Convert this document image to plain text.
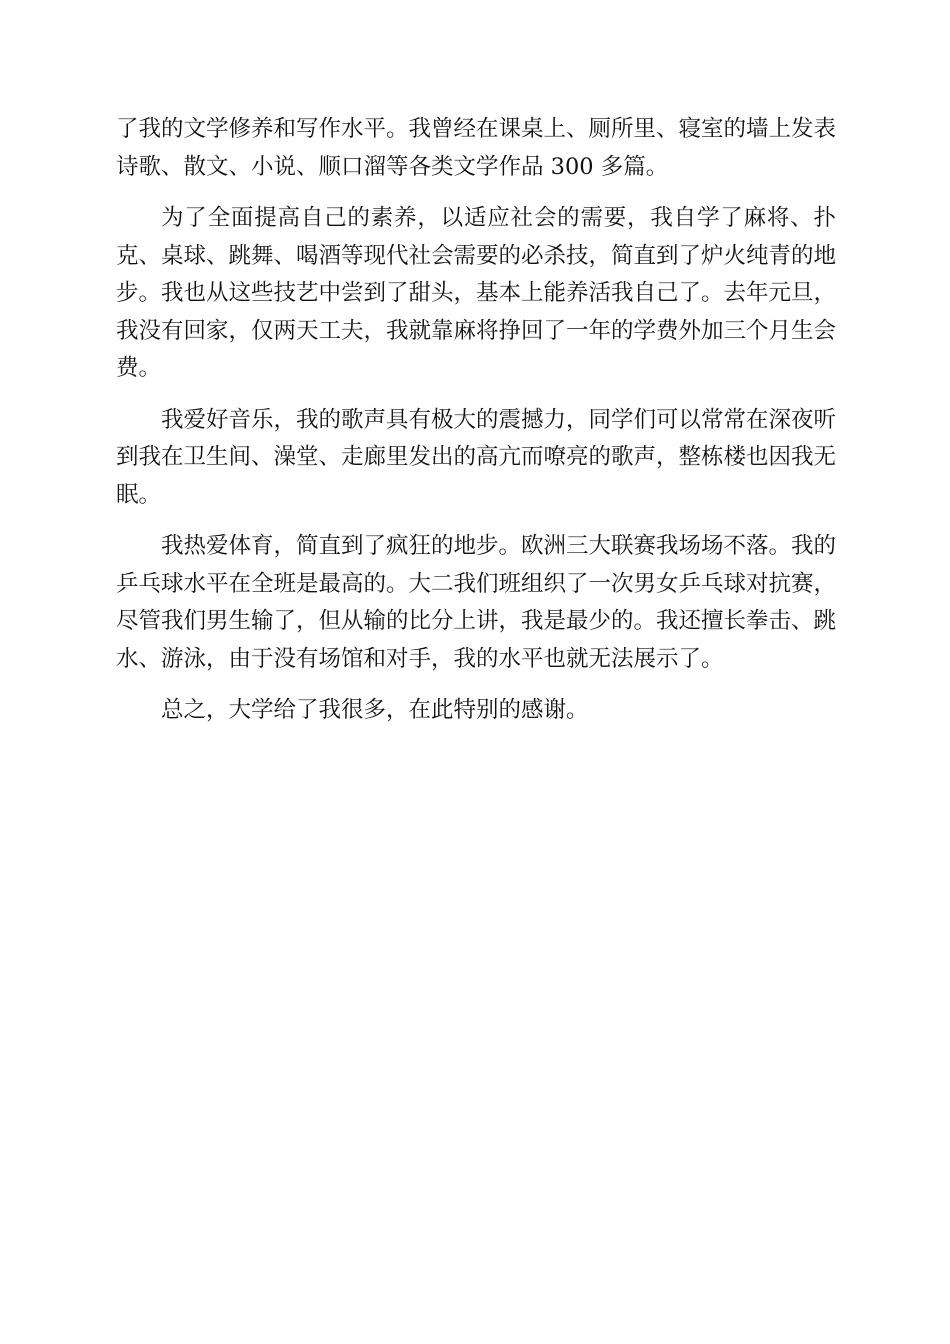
了我的文学修养和写作水平。我曾经在课桌上、厕所里、寝室的墙上发表诗歌、散文、小说、顺口溜等各类文学作品 300 多篇。

为了全面提高自己的素养，以适应社会的需要，我自学了麻将、扑克、桌球、跳舞、喝酒等现代社会需要的必杀技，简直到了炉火纯青的地步。我也从这些技艺中尝到了甜头，基本上能养活我自己了。去年元旦，我没有回家，仅两天工夫，我就靠麻将挣回了一年的学费外加三个月生会费。

我爱好音乐，我的歌声具有极大的震撼力，同学们可以常常在深夜听到我在卫生间、澡堂、走廊里发出的高亢而嘹亮的歌声，整栋楼也因我无眠。

我热爱体育，简直到了疯狂的地步。欧洲三大联赛我场场不落。我的乒乓球水平在全班是最高的。大二我们班组织了一次男女乒乓球对抗赛，尽管我们男生输了，但从输的比分上讲，我是最少的。我还擅长拳击、跳水、游泳，由于没有场馆和对手，我的水平也就无法展示了。

总之，大学给了我很多，在此特别的感谢。
